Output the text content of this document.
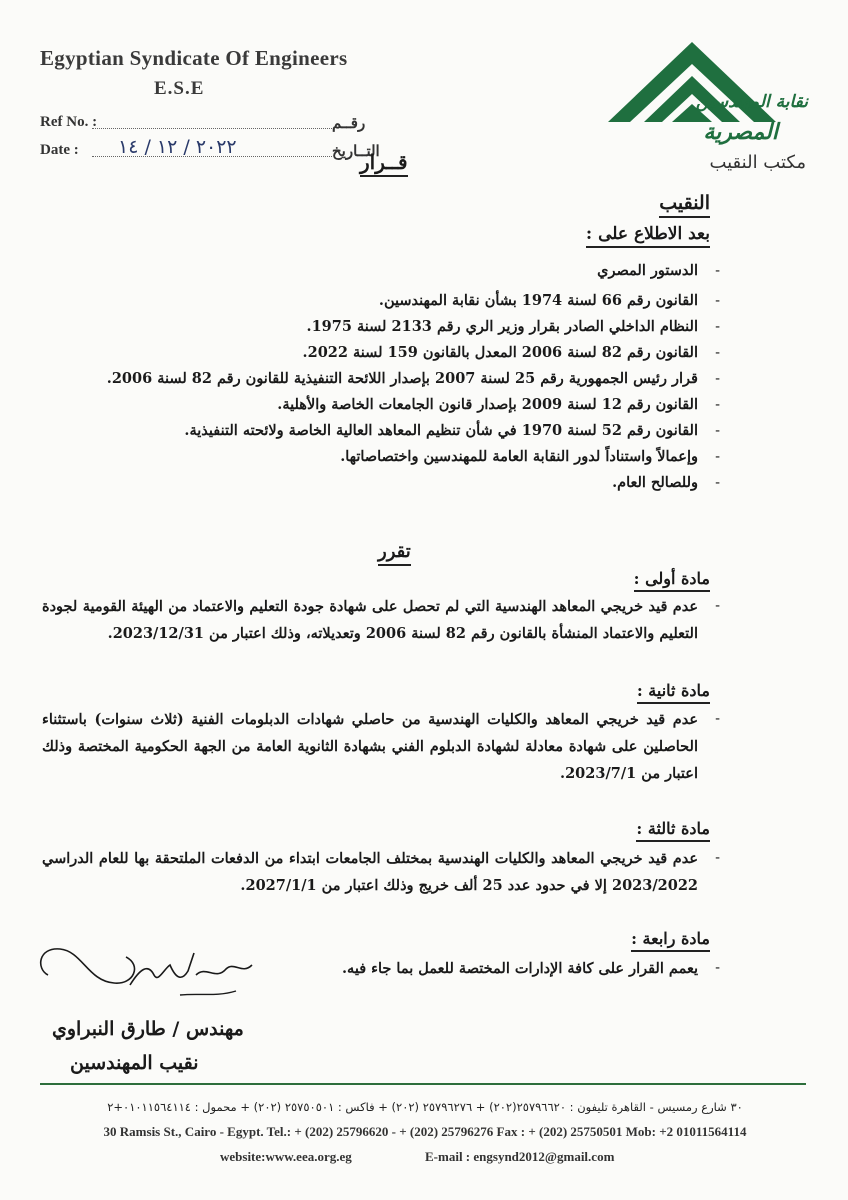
Egyptian Syndicate Of Engineers
E.S.E
Ref No. :	رقــم
Date : ٢٠٢٢ / ١٢ / ١٤	التــاريخ
نقابة المهندسين
المصرية
مكتب النقيب
قــرار
النقيب
بعد الاطلاع على :
-
الدستور المصري
-
القانون رقم 66 لسنة 1974 بشأن نقابة المهندسين.
-
النظام الداخلي الصادر بقرار وزير الري رقم 2133 لسنة 1975.
-
القانون رقم 82 لسنة 2006 المعدل بالقانون 159 لسنة 2022.
-
قرار رئيس الجمهورية رقم 25 لسنة 2007 بإصدار اللائحة التنفيذية للقانون رقم 82 لسنة 2006.
-
القانون رقم 12 لسنة 2009 بإصدار قانون الجامعات الخاصة والأهلية.
-
القانون رقم 52 لسنة 1970 في شأن تنظيم المعاهد العالية الخاصة ولائحته التنفيذية.
-
وإعمالاً واستناداً لدور النقابة العامة للمهندسين واختصاصاتها.
-
وللصالح العام.
تقرر
مادة أولى :
-
عدم قيد خريجي المعاهد الهندسية التي لم تحصل على شهادة جودة التعليم والاعتماد من الهيئة القومية لجودة التعليم والاعتماد المنشأة بالقانون رقم 82 لسنة 2006 وتعديلاته، وذلك اعتبار من 2023/12/31.
مادة ثانية :
-
عدم قيد خريجي المعاهد والكليات الهندسية من حاصلي شهادات الدبلومات الفنية (ثلاث سنوات) باستثناء الحاصلين على شهادة معادلة لشهادة الدبلوم الفني بشهادة الثانوية العامة من الجهة الحكومية المختصة وذلك اعتبار من 2023/7/1.
مادة ثالثة :
-
عدم قيد خريجي المعاهد والكليات الهندسية بمختلف الجامعات ابتداء من الدفعات الملتحقة بها للعام الدراسي 2023/2022 إلا في حدود عدد 25 ألف خريج وذلك اعتبار من 2027/1/1.
مادة رابعة :
-
يعمم القرار على كافة الإدارات المختصة للعمل بما جاء فيه.
مهندس / طارق النبراوي
نقيب المهندسين
٣٠ شارع رمسيس - القاهرة تليفون : ٢٥٧٩٦٦٢٠(٢٠٢) + ٢٥٧٩٦٢٧٦ (٢٠٢) + فاكس : ٢٥٧٥٠٥٠١ (٢٠٢) + محمول : ٠١٠١١٥٦٤١١٤+٢
30 Ramsis St., Cairo - Egypt. Tel.: + (202) 25796620 - + (202) 25796276 Fax : + (202) 25750501 Mob: +2 01011564114
website:www.eea.org.eg	E-mail : engsynd2012@gmail.com
